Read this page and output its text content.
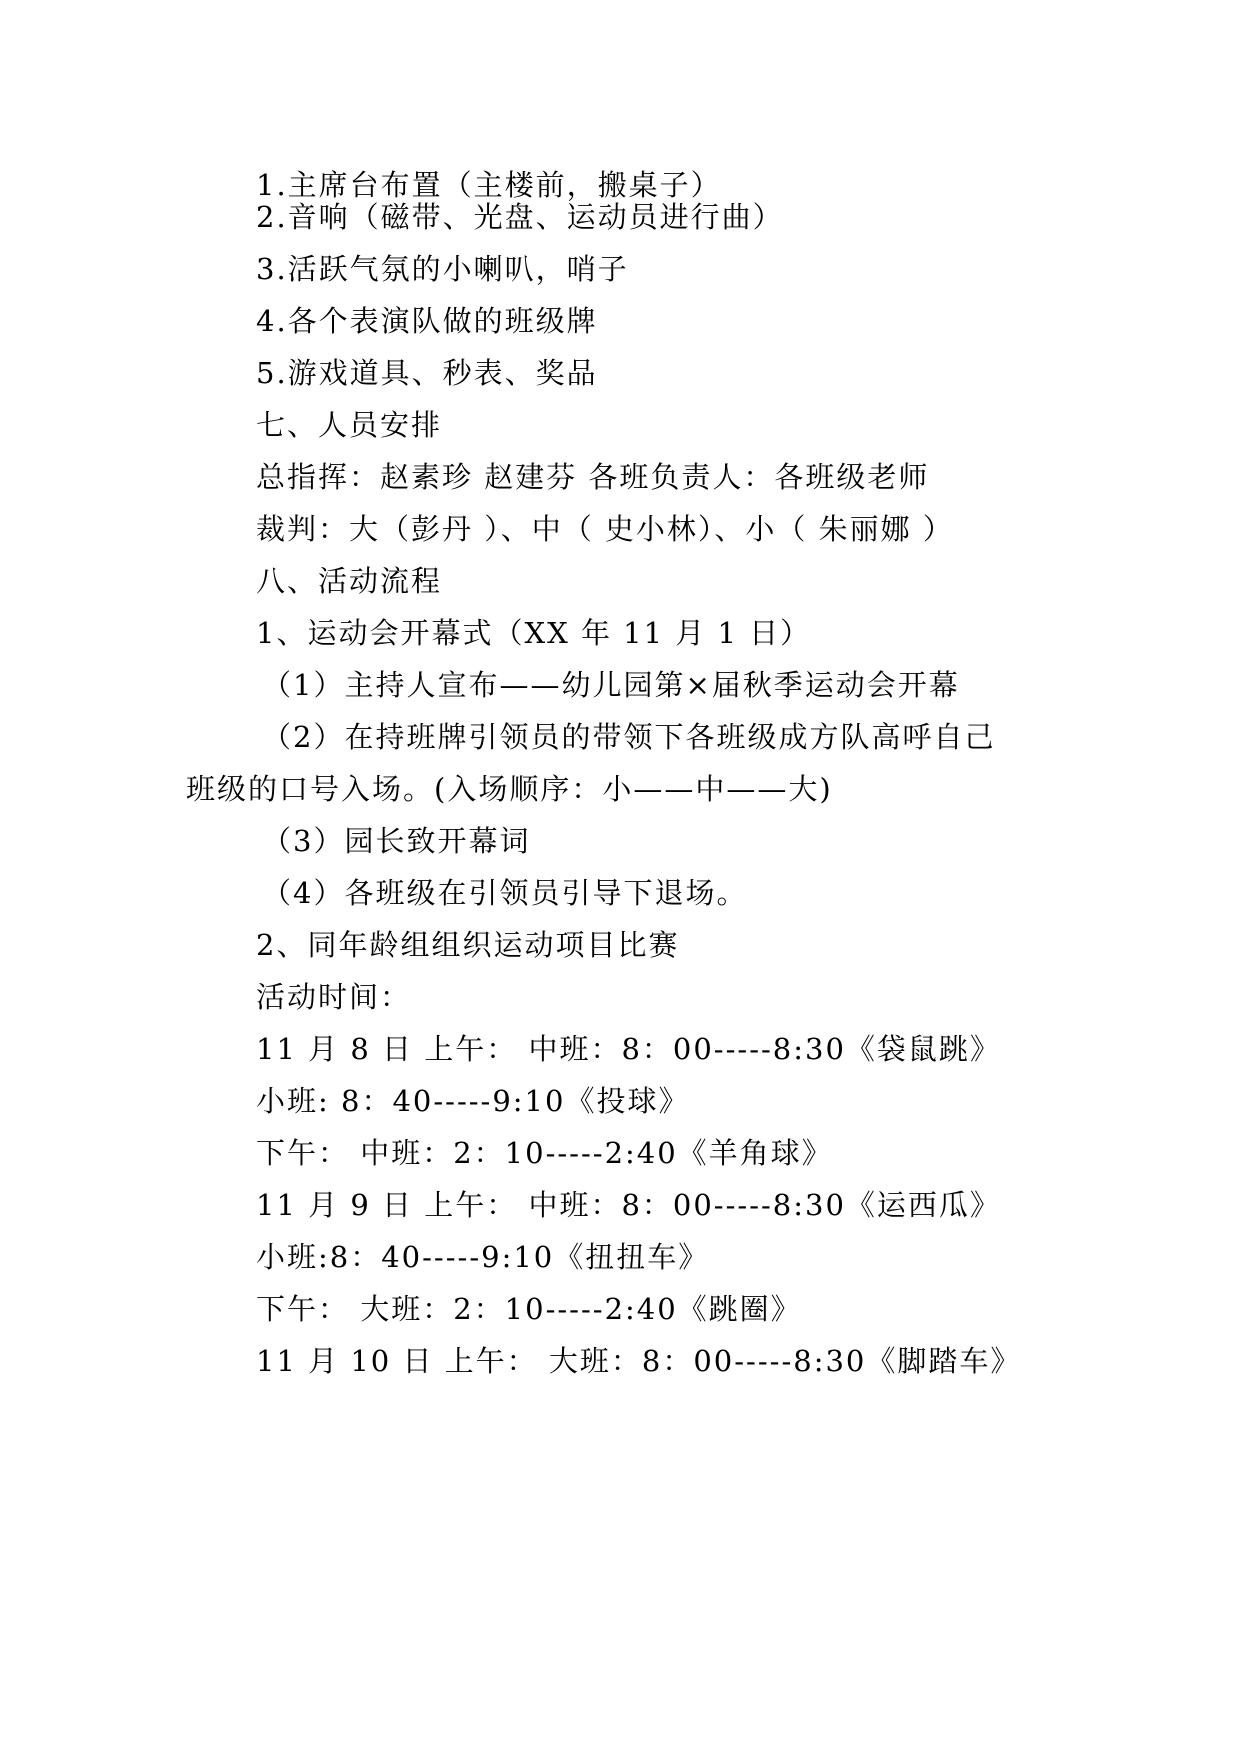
1.主席台布置（主楼前，搬桌子）
2.音响（磁带、光盘、运动员进行曲）
3.活跃气氛的小喇叭，哨子
4.各个表演队做的班级牌
5.游戏道具、秒表、奖品
七、人员安排
总指挥：赵素珍 赵建芬 各班负责人：各班级老师
裁判：大（彭丹 ）、中（ 史小林）、小（ 朱丽娜 ）
八、活动流程
1、运动会开幕式（XX 年 11 月 1 日）
（1）主持人宣布——幼儿园第×届秋季运动会开幕
（2）在持班牌引领员的带领下各班级成方队高呼自己
班级的口号入场。(入场顺序：小——中——大)
（3）园长致开幕词
（4）各班级在引领员引导下退场。
2、同年龄组组织运动项目比赛
活动时间：
11 月 8 日 上午： 中班：8：00-----8:30《袋鼠跳》
小班: 8：40-----9:10《投球》
下午： 中班：2：10-----2:40《羊角球》
11 月 9 日 上午： 中班：8：00-----8:30《运西瓜》
小班:8：40-----9:10《扭扭车》
下午： 大班：2：10-----2:40《跳圈》
11 月 10 日 上午： 大班：8：00-----8:30《脚踏车》
